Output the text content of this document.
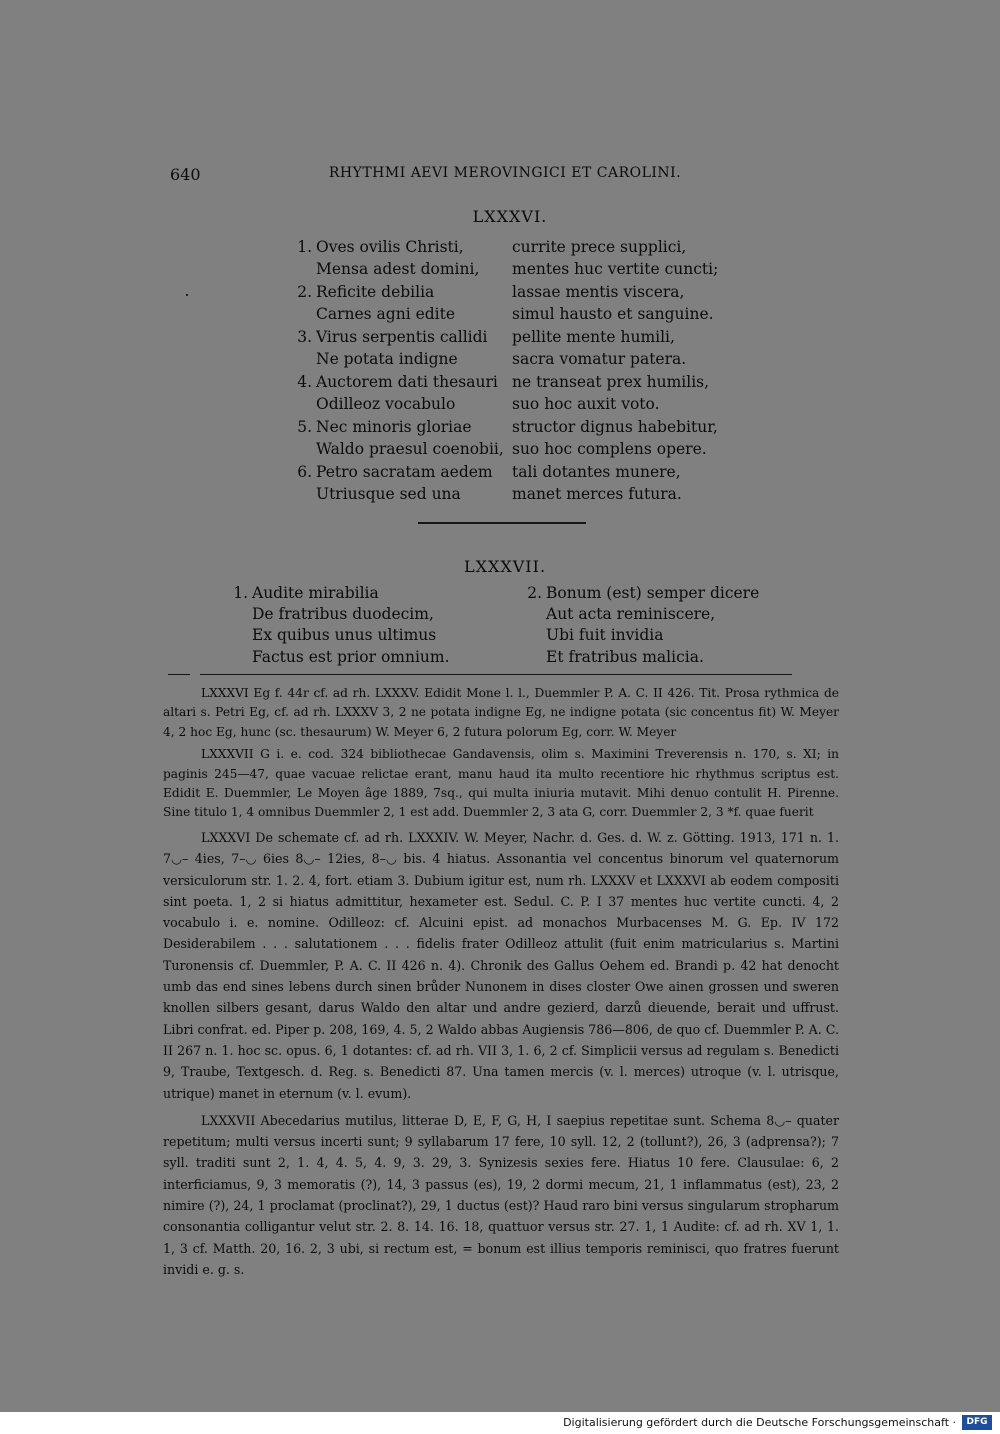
640	RHYTHMI AEVI MEROVINGICI ET CAROLINI.
LXXXVI.
1. Oves ovilis Christi,
Mensa adest domini,
currite prece supplici,
mentes huc vertite cuncti;
2. Reficite debilia
Carnes agni edite
lassae mentis viscera,
simul hausto et sanguine.
3. Virus serpentis callidi
Ne potata indigne
pellite mente humili,
sacra vomatur patera.
4. Auctorem dati thesauri
Odilleoz vocabulo
ne transeat prex humilis,
suo hoc auxit voto.
5. Nec minoris gloriae
Waldo praesul coenobii,
structor dignus habebitur,
suo hoc complens opere.
6. Petro sacratam aedem
Utriusque sed una
tali dotantes munere,
manet merces futura.
LXXXVII.
1. Audite mirabilia
De fratribus duodecim,
Ex quibus unus ultimus
Factus est prior omnium.
2. Bonum (est) semper dicere
Aut acta reminiscere,
Ubi fuit invidia
Et fratribus malicia.
LXXXVI Eg f. 44r cf. ad rh. LXXXV. Edidit Mone l. l., Duemmler P. A. C. II 426. Tit. Prosa rythmica de altari s. Petri Eg, cf. ad rh. LXXXV 3, 2 ne potata indigne Eg, ne indigne potata (sic concentus fit) W. Meyer 4, 2 hoc Eg, hunc (sc. thesaurum) W. Meyer 6, 2 futura polorum Eg, corr. W. Meyer
LXXXVII G i. e. cod. 324 bibliothecae Gandavensis, olim s. Maximini Treverensis n. 170, s. XI; in paginis 245—47, quae vacuae relictae erant, manu haud ita multo recentiore hic rhythmus scriptus est. Edidit E. Duemmler, Le Moyen âge 1889, 7sq., qui multa iniuria mutavit. Mihi denuo contulit H. Pirenne. Sine titulo 1, 4 omnibus Duemmler 2, 1 est add. Duemmler 2, 3 ata G, corr. Duemmler 2, 3 *f. quae fuerit
LXXXVI De schemate cf. ad rh. LXXXIV. W. Meyer, Nachr. d. Ges. d. W. z. Götting. 1913, 171 n. 1. 7◡– 4ies, 7–◡ 6ies 8◡– 12ies, 8–◡ bis. 4 hiatus. Assonantia vel concentus binorum vel quaternorum versiculorum str. 1. 2. 4, fort. etiam 3. Dubium igitur est, num rh. LXXXV et LXXXVI ab eodem compositi sint poeta. 1, 2 si hiatus admittitur, hexameter est. Sedul. C. P. I 37 mentes huc vertite cuncti. 4, 2 vocabulo i. e. nomine. Odilleoz: cf. Alcuini epist. ad monachos Murbacenses M. G. Ep. IV 172 Desiderabilem . . . salutationem . . . fidelis frater Odilleoz attulit (fuit enim matricularius s. Martini Turonensis cf. Duemmler, P. A. C. II 426 n. 4). Chronik des Gallus Oehem ed. Brandi p. 42 hat denocht umb das end sines lebens durch sinen brůder Nunonem in dises closter Owe ainen grossen und sweren knollen silbers gesant, darus Waldo den altar und andre gezierd, darzů dieuende, berait und uffrust. Libri confrat. ed. Piper p. 208, 169, 4. 5, 2 Waldo abbas Augiensis 786—806, de quo cf. Duemmler P. A. C. II 267 n. 1. hoc sc. opus. 6, 1 dotantes: cf. ad rh. VII 3, 1. 6, 2 cf. Simplicii versus ad regulam s. Benedicti 9, Traube, Textgesch. d. Reg. s. Benedicti 87. Una tamen mercis (v. l. merces) utroque (v. l. utrisque, utrique) manet in eternum (v. l. evum).
LXXXVII Abecedarius mutilus, litterae D, E, F, G, H, I saepius repetitae sunt. Schema 8◡– quater repetitum; multi versus incerti sunt; 9 syllabarum 17 fere, 10 syll. 12, 2 (tollunt?), 26, 3 (adprensa?); 7 syll. traditi sunt 2, 1. 4, 4. 5, 4. 9, 3. 29, 3. Synizesis sexies fere. Hiatus 10 fere. Clausulae: 6, 2 interficiamus, 9, 3 memoratis (?), 14, 3 passus (es), 19, 2 dormi mecum, 21, 1 inflammatus (est), 23, 2 nimire (?), 24, 1 proclamat (proclinat?), 29, 1 ductus (est)? Haud raro bini versus singularum stropharum consonantia colligantur velut str. 2. 8. 14. 16. 18, quattuor versus str. 27. 1, 1 Audite: cf. ad rh. XV 1, 1. 1, 3 cf. Matth. 20, 16. 2, 3 ubi, si rectum est, = bonum est illius temporis reminisci, quo fratres fuerunt invidi e. g. s.
Digitalisierung gefördert durch die Deutsche Forschungsgemeinschaft ·	DFG
